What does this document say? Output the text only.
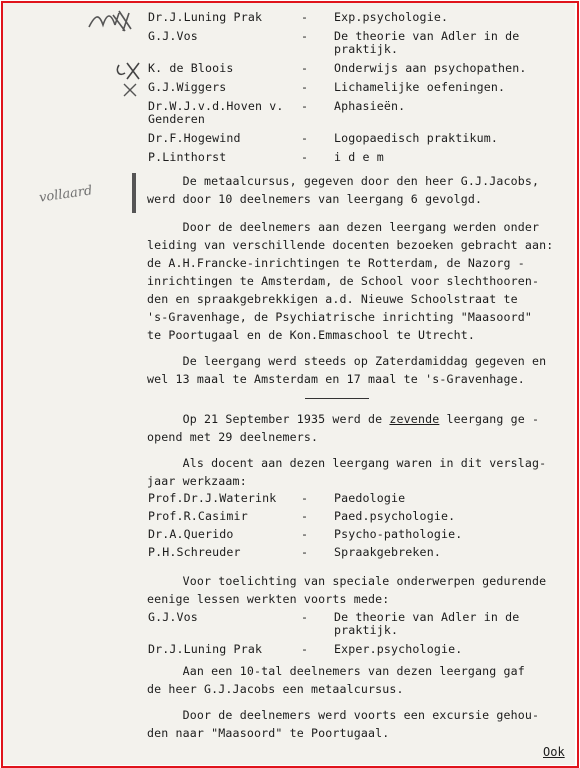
vollaard
Dr.J.Luning Prak	- Exp.psychologie.
G.J.Vos	- De theorie van Adler in de
praktijk.
K. de Bloois	- Onderwijs aan psychopathen.
G.J.Wiggers	- Lichamelijke oefeningen.
Dr.W.J.v.d.Hoven v. - Aphasieën.
Genderen
Dr.F.Hogewind	- Logopaedisch praktikum.
P.Linthorst	- i d e m
De metaalcursus, gegeven door den heer G.J.Jacobs,
werd door 10 deelnemers van leergang 6 gevolgd.
Door de deelnemers aan dezen leergang werden onder
leiding van verschillende docenten bezoeken gebracht aan:
de A.H.Francke-inrichtingen te Rotterdam, de Nazorg -
inrichtingen te Amsterdam, de School voor slechthooren-
den en spraakgebrekkigen a.d. Nieuwe Schoolstraat te
's-Gravenhage, de Psychiatrische inrichting "Maasoord"
te Poortugaal en de Kon.Emmaschool te Utrecht.
De leergang werd steeds op Zaterdamiddag gegeven en
wel 13 maal te Amsterdam en 17 maal te 's-Gravenhage.
Op 21 September 1935 werd de zevende leergang ge -
opend met 29 deelnemers.
Als docent aan dezen leergang waren in dit verslag-
jaar werkzaam:
Prof.Dr.J.Waterink - Paedologie
Prof.R.Casimir	- Paed.psychologie.
Dr.A.Querido	- Psycho-pathologie.
P.H.Schreuder	- Spraakgebreken.
Voor toelichting van speciale onderwerpen gedurende
eenige lessen werkten voorts mede:
G.J.Vos	- De theorie van Adler in de
praktijk.
Dr.J.Luning Prak	- Exper.psychologie.
Aan een 10-tal deelnemers van dezen leergang gaf
de heer G.J.Jacobs een metaalcursus.
Door de deelnemers werd voorts een excursie gehou-
den naar "Maasoord" te Poortugaal.
Ook
